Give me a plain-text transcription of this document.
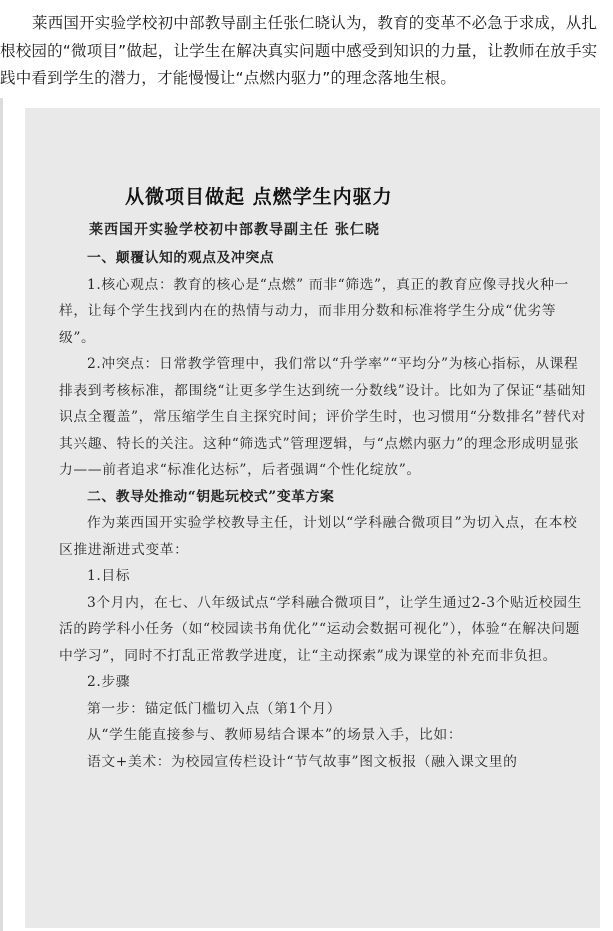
莱西国开实验学校初中部教导副主任张仁晓认为，教育的变革不必急于求成，从扎根校园的“微项目”做起，让学生在解决真实问题中感受到知识的力量，让教师在放手实践中看到学生的潜力，才能慢慢让“点燃内驱力”的理念落地生根。

从微项目做起 点燃学生内驱力
莱西国开实验学校初中部教导副主任 张仁晓

一、颠覆认知的观点及冲突点

1.核心观点：教育的核心是“点燃” 而非“筛选”，真正的教育应像寻找火种一样，让每个学生找到内在的热情与动力，而非用分数和标准将学生分成“优劣等级”。

2.冲突点：日常教学管理中，我们常以“升学率”“平均分”为核心指标，从课程排表到考核标准，都围绕“让更多学生达到统一分数线”设计。比如为了保证“基础知识点全覆盖”，常压缩学生自主探究时间；评价学生时，也习惯用“分数排名”替代对其兴趣、特长的关注。这种“筛选式”管理逻辑，与“点燃内驱力”的理念形成明显张力——前者追求“标准化达标”，后者强调“个性化绽放”。

二、教导处推动“钥匙玩校式”变革方案

作为莱西国开实验学校教导主任，计划以“学科融合微项目”为切入点，在本校区推进渐进式变革：

1.目标

3个月内，在七、八年级试点“学科融合微项目”，让学生通过2-3个贴近校园生活的跨学科小任务（如“校园读书角优化”“运动会数据可视化”），体验“在解决问题中学习”，同时不打乱正常教学进度，让“主动探索”成为课堂的补充而非负担。

2.步骤

第一步：锚定低门槛切入点（第1个月）

从“学生能直接参与、教师易结合课本”的场景入手，比如：

语文+美术：为校园宣传栏设计“节气故事”图文板报（融入课文里的
